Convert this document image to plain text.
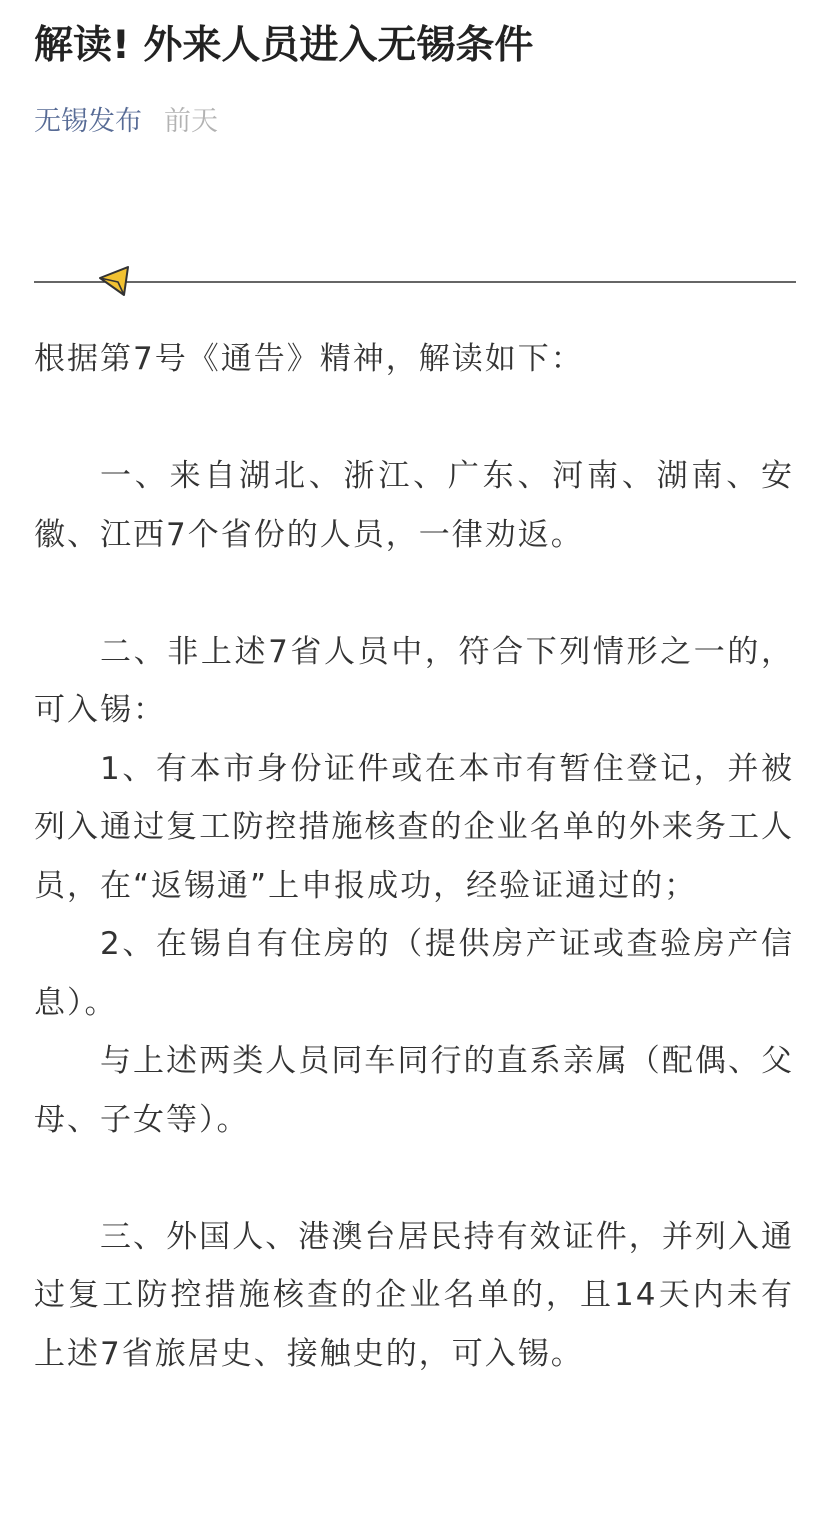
解读! 外来人员进入无锡条件
无锡发布 前天

根据第7号《通告》精神，解读如下：

一、来自湖北、浙江、广东、河南、湖南、安徽、江西7个省份的人员，一律劝返。

二、非上述7省人员中，符合下列情形之一的，可入锡：

1、有本市身份证件或在本市有暂住登记，并被列入通过复工防控措施核查的企业名单的外来务工人员，在“返锡通”上申报成功，经验证通过的；

2、在锡自有住房的（提供房产证或查验房产信息）。

与上述两类人员同车同行的直系亲属（配偶、父母、子女等）。

三、外国人、港澳台居民持有效证件，并列入通过复工防控措施核查的企业名单的，且14天内未有上述7省旅居史、接触史的，可入锡。
